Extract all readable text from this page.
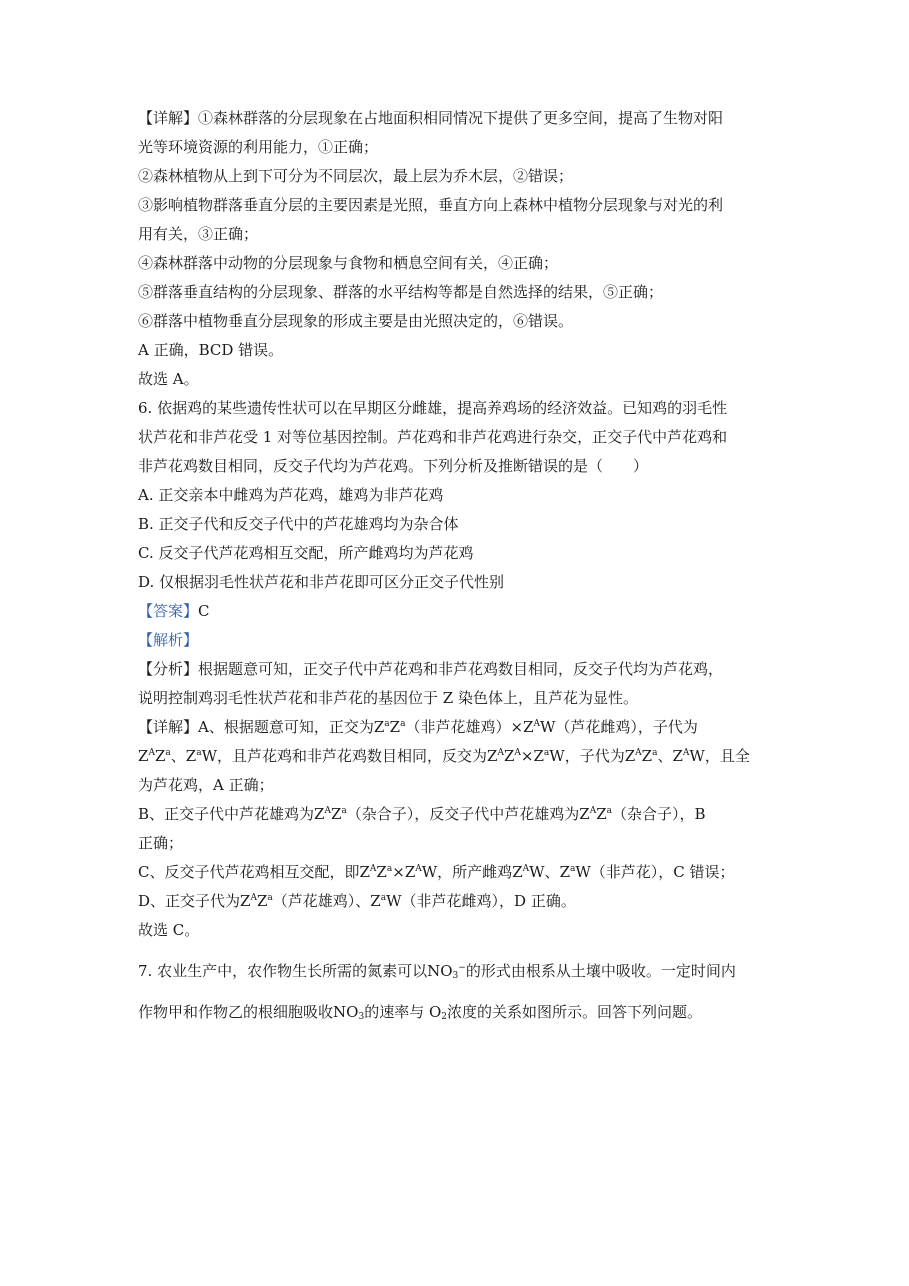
【详解】①森林群落的分层现象在占地面积相同情况下提供了更多空间，提高了生物对阳
光等环境资源的利用能力，①正确；
②森林植物从上到下可分为不同层次，最上层为乔木层，②错误；
③影响植物群落垂直分层的主要因素是光照，垂直方向上森林中植物分层现象与对光的利
用有关，③正确；
④森林群落中动物的分层现象与食物和栖息空间有关，④正确；
⑤群落垂直结构的分层现象、群落的水平结构等都是自然选择的结果，⑤正确；
⑥群落中植物垂直分层现象的形成主要是由光照决定的，⑥错误。
A 正确，BCD 错误。
故选 A。
6. 依据鸡的某些遗传性状可以在早期区分雌雄，提高养鸡场的经济效益。已知鸡的羽毛性
状芦花和非芦花受 1 对等位基因控制。芦花鸡和非芦花鸡进行杂交，正交子代中芦花鸡和
非芦花鸡数目相同，反交子代均为芦花鸡。下列分析及推断错误的是（　　）
A. 正交亲本中雌鸡为芦花鸡，雄鸡为非芦花鸡
B. 正交子代和反交子代中的芦花雄鸡均为杂合体
C. 反交子代芦花鸡相互交配，所产雌鸡均为芦花鸡
D. 仅根据羽毛性状芦花和非芦花即可区分正交子代性别
【答案】C
【解析】
【分析】根据题意可知，正交子代中芦花鸡和非芦花鸡数目相同，反交子代均为芦花鸡，
说明控制鸡羽毛性状芦花和非芦花的基因位于 Z 染色体上，且芦花为显性。
【详解】A、根据题意可知，正交为$Z^aZ^a$（非芦花雄鸡）$\times Z^AW$（芦花雌鸡），子代为
$Z^AZ^a$、$Z^aW$，且芦花鸡和非芦花鸡数目相同，反交为$Z^AZ^A\times Z^aW$，子代为$Z^AZ^a$、$Z^AW$，且全
为芦花鸡，A 正确；
B、正交子代中芦花雄鸡为$Z^AZ^a$（杂合子），反交子代中芦花雄鸡为$Z^AZ^a$（杂合子），B
正确；
C、反交子代芦花鸡相互交配，即$Z^AZ^a\times Z^AW$，所产雌鸡$Z^AW$、$Z^aW$（非芦花），C 错误；
D、正交子代为$Z^AZ^a$（芦花雄鸡）、$Z^aW$（非芦花雌鸡），D 正确。
故选 C。
7. 农业生产中，农作物生长所需的氮素可以$NO_3^-$的形式由根系从土壤中吸收。一定时间内
作物甲和作物乙的根细胞吸收$NO_3$的速率与 $O_2$浓度的关系如图所示。回答下列问题。
